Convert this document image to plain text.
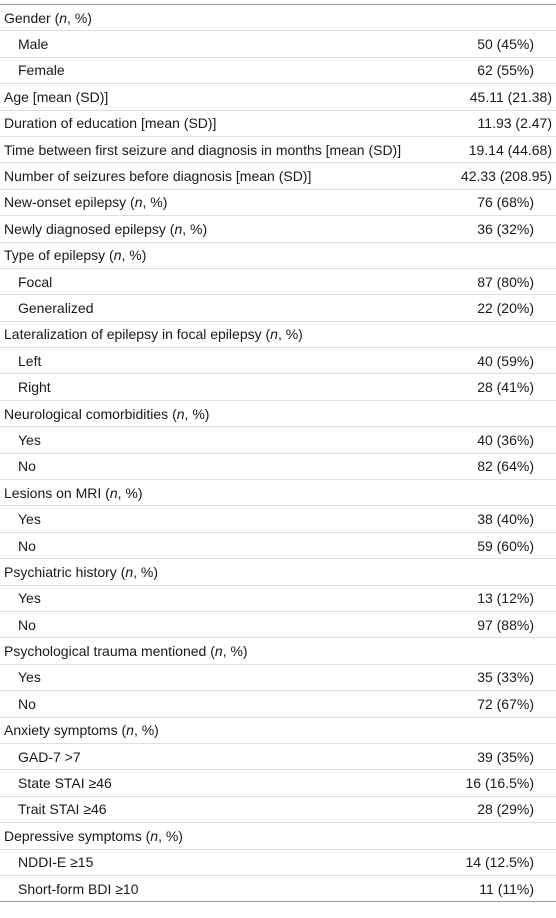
Gender (n, %)
Male	50 (45%)
Female	62 (55%)
Age [mean (SD)]	45.11 (21.38)
Duration of education [mean (SD)]	11.93 (2.47)
Time between first seizure and diagnosis in months [mean (SD)]	19.14 (44.68)
Number of seizures before diagnosis [mean (SD)]	42.33 (208.95)
New-onset epilepsy (n, %)	76 (68%)
Newly diagnosed epilepsy (n, %)	36 (32%)
Type of epilepsy (n, %)
Focal	87 (80%)
Generalized	22 (20%)
Lateralization of epilepsy in focal epilepsy (n, %)
Left	40 (59%)
Right	28 (41%)
Neurological comorbidities (n, %)
Yes	40 (36%)
No	82 (64%)
Lesions on MRI (n, %)
Yes	38 (40%)
No	59 (60%)
Psychiatric history (n, %)
Yes	13 (12%)
No	97 (88%)
Psychological trauma mentioned (n, %)
Yes	35 (33%)
No	72 (67%)
Anxiety symptoms (n, %)
GAD-7 >7	39 (35%)
State STAI ≥46	16 (16.5%)
Trait STAI ≥46	28 (29%)
Depressive symptoms (n, %)
NDDI-E ≥15	14 (12.5%)
Short-form BDI ≥10	11 (11%)
